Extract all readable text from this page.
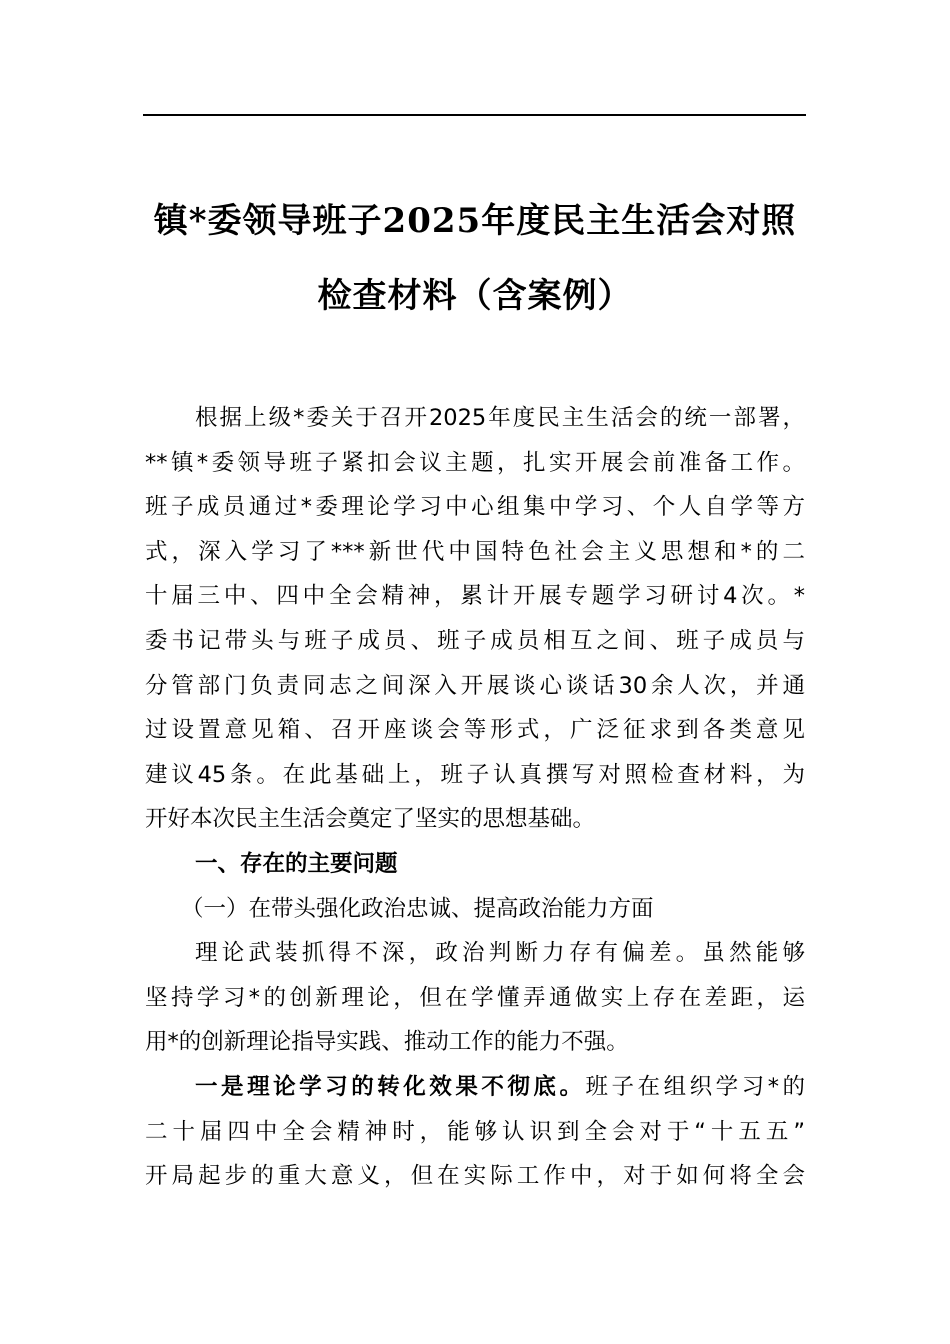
镇*委领导班子2025年度民主生活会对照
检查材料（含案例）
根据上级*委关于召开2025年度民主生活会的统一部署，
**镇*委领导班子紧扣会议主题，扎实开展会前准备工作。
班子成员通过*委理论学习中心组集中学习、个人自学等方
式，深入学习了***新世代中国特色社会主义思想和*的二
十届三中、四中全会精神，累计开展专题学习研讨4次。*
委书记带头与班子成员、班子成员相互之间、班子成员与
分管部门负责同志之间深入开展谈心谈话30余人次，并通
过设置意见箱、召开座谈会等形式，广泛征求到各类意见
建议45条。在此基础上，班子认真撰写对照检查材料，为
开好本次民主生活会奠定了坚实的思想基础。
一、存在的主要问题
（一）在带头强化政治忠诚、提高政治能力方面
理论武装抓得不深，政治判断力存有偏差。虽然能够
坚持学习*的创新理论，但在学懂弄通做实上存在差距，运
用*的创新理论指导实践、推动工作的能力不强。
一是理论学习的转化效果不彻底。班子在组织学习*的
二十届四中全会精神时，能够认识到全会对于“十五五”
开局起步的重大意义，但在实际工作中，对于如何将全会
